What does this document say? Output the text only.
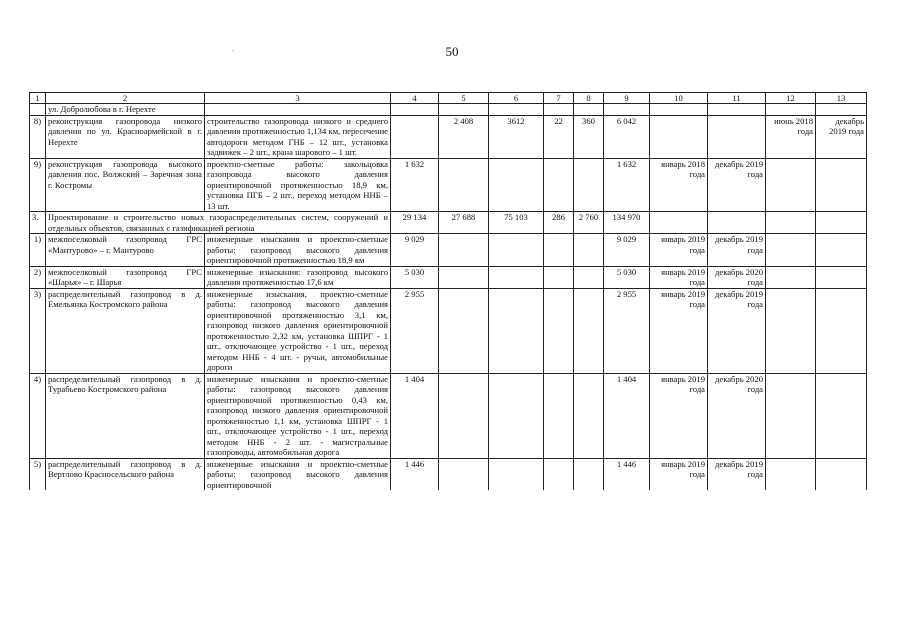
50
`
1	2	3	4	5	6	7	8	9	10	11	12	13
	ул. Добролюбова в г. Нерехте											
8)	реконструкция газопровода низкого давления по ул. Красноармейской в г. Нерехте	строительство газопровода низкого и среднего давления протяженностью 1,134 км, пересечение автодороги методом ГНБ – 12 шт., установка задвижек – 2 шт., крана шарового – 1 шт.		2 408	3612	22	360	6 042			июнь 2018 года	декабрь 2019 года
9)	реконструкция газопровода высокого давления пос. Волжский – Заречная зона г. Костромы	проектно-сметные работы: закольцовка газопровода высокого давления ориентировочной протяженностью 18,9 км, установка ПГБ – 2 шт., переход методом ННБ – 13 шт.	1 632					1 632	январь 2018 года	декабрь 2019 года		
3.	Проектирование и строительство новых газораспределительных систем, сооружений и отдельных объектов, связанных с газификацией региона		29 134	27 688	75 103	286	2 760	134 970				
1)	межпоселковый газопровод ГРС «Мантурово» – г. Мантурово	инженерные изыскания и проектно-сметные работы: газопровод высокого давления ориентировочной протяженностью 18,9 км	9 029					9 029	январь 2019 года	декабрь 2019 года		
2)	межпоселковый газопровод ГРС «Шарья» – г. Шарья	инженерные изыскания: газопровод высокого давления протяженностью 17,6 км	5 030					5 030	январь 2019 года	декабрь 2020 года		
3)	распределительный газопровод в д. Емельянка Костромского района	инженерные изыскания, проектно-сметные работы: газопровод высокого давления ориентировочной протяженностью 3,1 км, газопровод низкого давления ориентировочной протяженностью 2,32 км, установка ШПРГ - 1 шт., отключающее устройство - 1 шт., переход методом ННБ - 4 шт. - ручьи, автомобильные дороги	2 955					2 955	январь 2019 года	декабрь 2019 года		
4)	распределительный газопровод в д. Турабьево Костромского района	инженерные изыскания и проектно-сметные работы: газопровод высокого давления ориентировочной протяженностью 0,43 км, газопровод низкого давления ориентировочной протяженностью 1,1 км, установка ШПРГ - 1 шт., отключающее устройство - 1 шт., переход методом ННБ - 2 шт. - магистральные газопроводы, автомобильная дорога	1 404					1 404	январь 2019 года	декабрь 2020 года		
5)	распределительный газопровод в д. Вертлово Красносельского района	инженерные изыскания и проектно-сметные работы: газопровод высокого давления ориентировочной	1 446					1 446	январь 2019 года	декабрь 2019 года		
